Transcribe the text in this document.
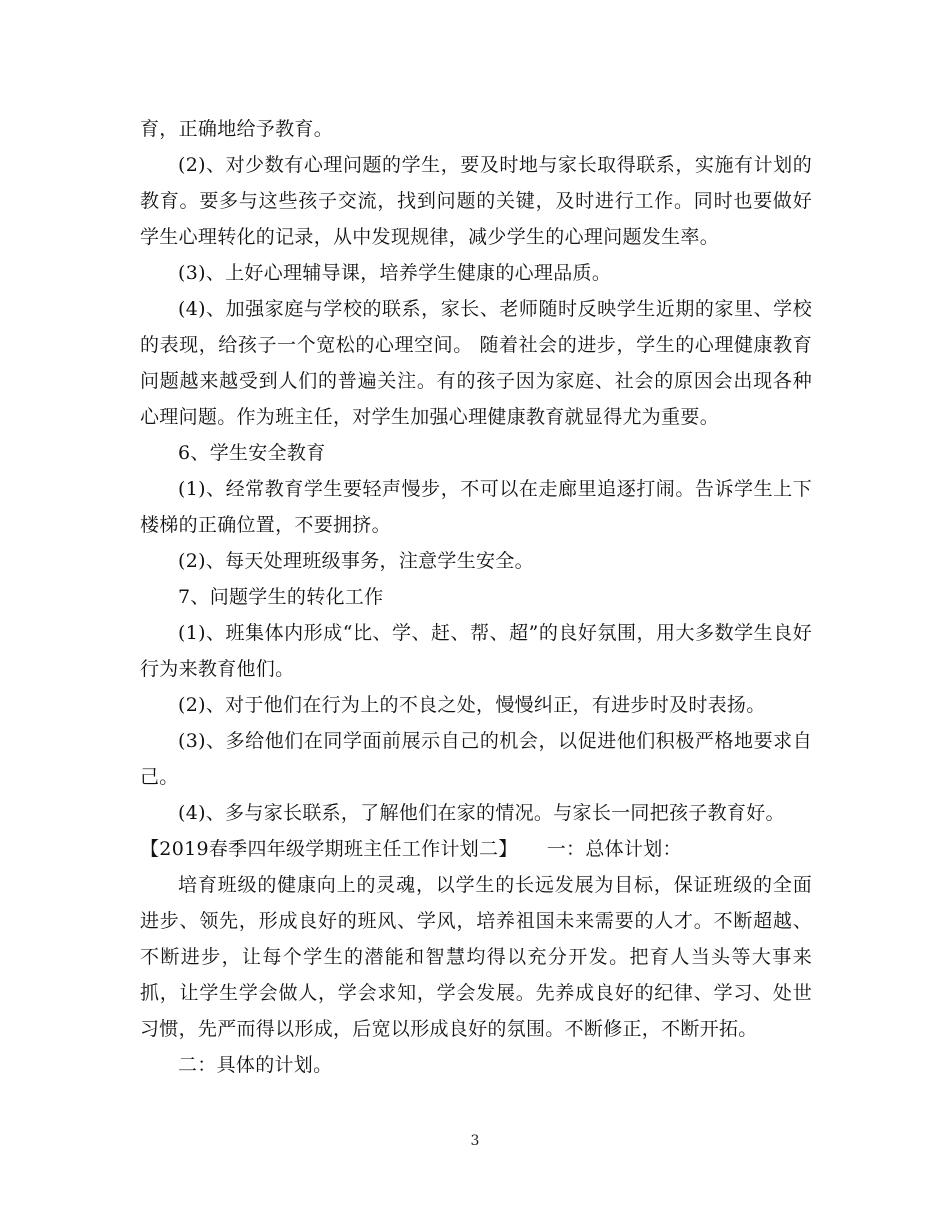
育，正确地给予教育。

(2)、对少数有心理问题的学生，要及时地与家长取得联系，实施有计划的教育。要多与这些孩子交流，找到问题的关键，及时进行工作。同时也要做好学生心理转化的记录，从中发现规律，减少学生的心理问题发生率。

(3)、上好心理辅导课，培养学生健康的心理品质。

(4)、加强家庭与学校的联系，家长、老师随时反映学生近期的家里、学校的表现，给孩子一个宽松的心理空间。 随着社会的进步，学生的心理健康教育问题越来越受到人们的普遍关注。有的孩子因为家庭、社会的原因会出现各种心理问题。作为班主任，对学生加强心理健康教育就显得尤为重要。

6、学生安全教育

(1)、经常教育学生要轻声慢步，不可以在走廊里追逐打闹。告诉学生上下楼梯的正确位置，不要拥挤。

(2)、每天处理班级事务，注意学生安全。

7、问题学生的转化工作

(1)、班集体内形成“比、学、赶、帮、超”的良好氛围，用大多数学生良好行为来教育他们。

(2)、对于他们在行为上的不良之处，慢慢纠正，有进步时及时表扬。

(3)、多给他们在同学面前展示自己的机会，以促进他们积极严格地要求自己。

(4)、多与家长联系，了解他们在家的情况。与家长一同把孩子教育好。

【2019春季四年级学期班主任工作计划二】　　一：总体计划：

培育班级的健康向上的灵魂，以学生的长远发展为目标，保证班级的全面进步、领先，形成良好的班风、学风，培养祖国未来需要的人才。不断超越、不断进步，让每个学生的潜能和智慧均得以充分开发。把育人当头等大事来抓，让学生学会做人，学会求知，学会发展。先养成良好的纪律、学习、处世习惯，先严而得以形成，后宽以形成良好的氛围。不断修正，不断开拓。

二：具体的计划。

3
